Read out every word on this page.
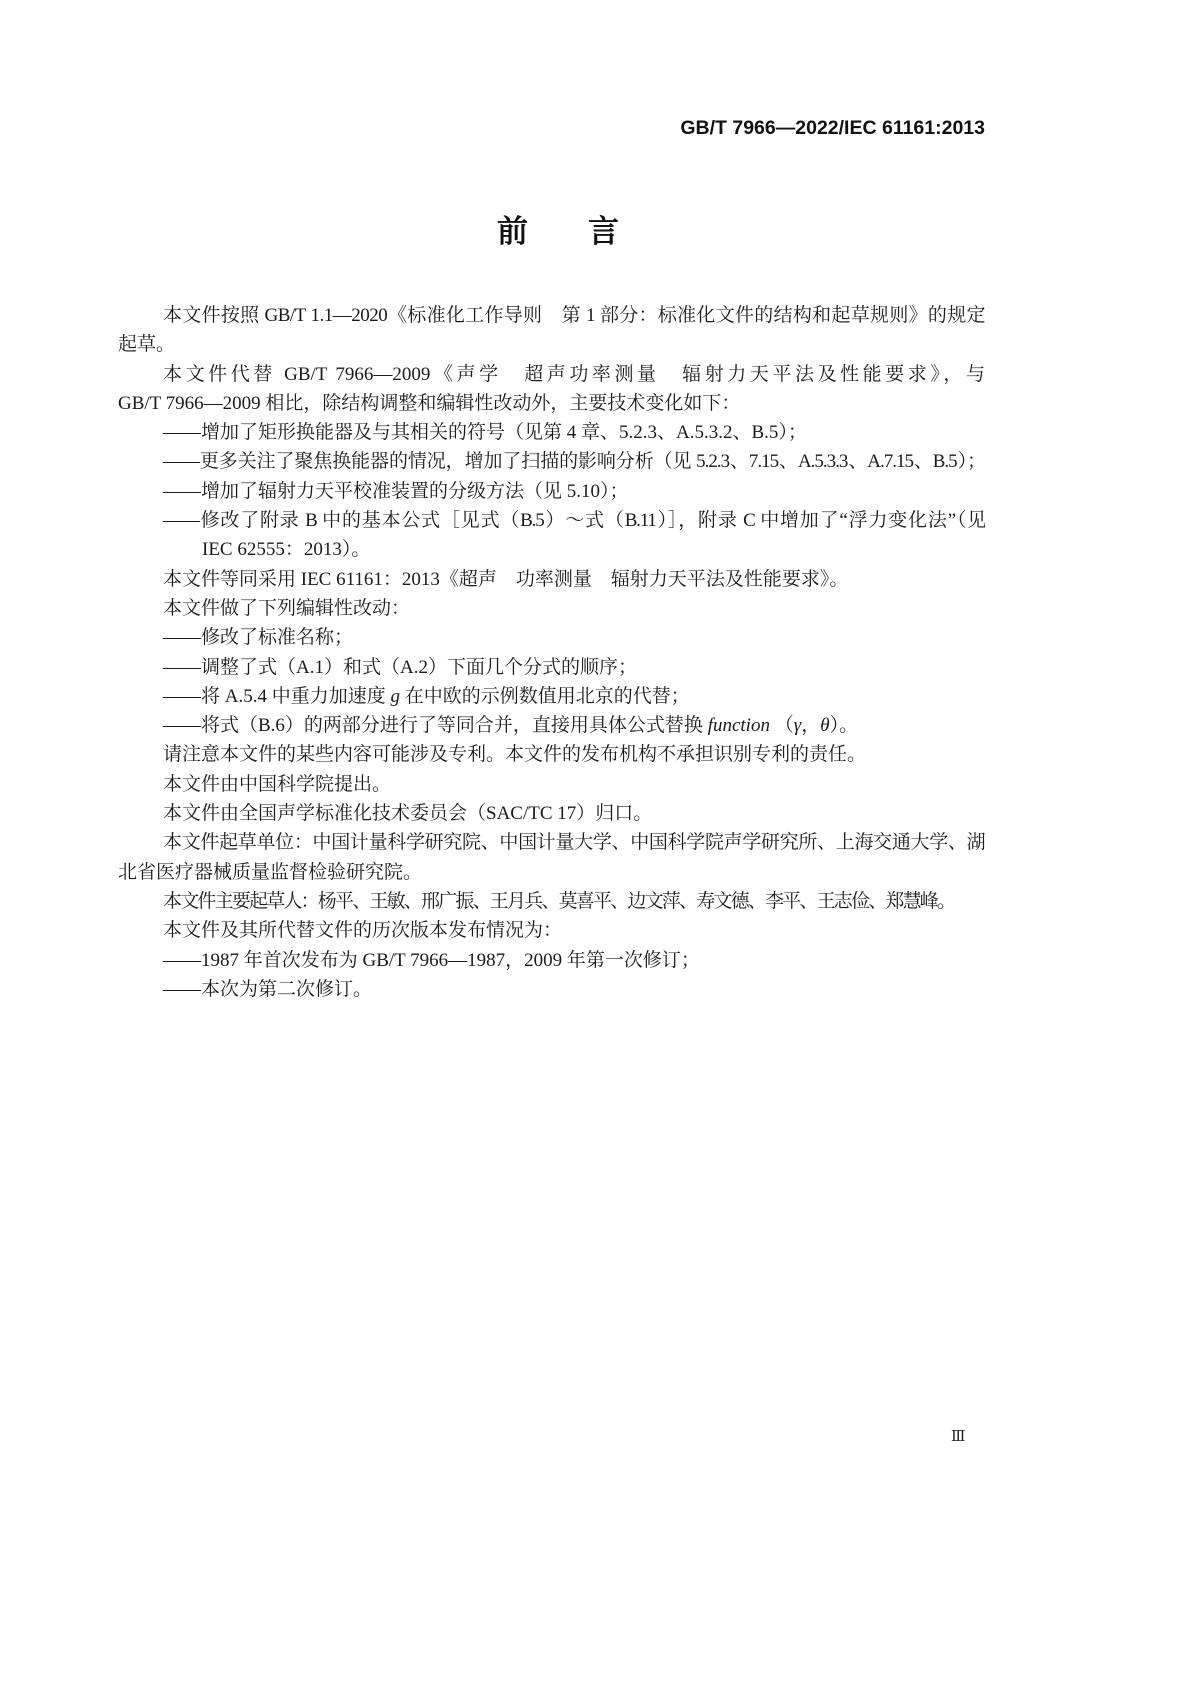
GB/T 7966—2022/IEC 61161:2013
前　言
本文件按照 GB/T 1.1—2020《标准化工作导则　第 1 部分：标准化文件的结构和起草规则》的规定
起草。
本文件代替 GB/T 7966—2009《声学　超声功率测量　辐射力天平法及性能要求》，与
GB/T 7966—2009 相比，除结构调整和编辑性改动外，主要技术变化如下：
——增加了矩形换能器及与其相关的符号（见第 4 章、5.2.3、A.5.3.2、B.5）；
——更多关注了聚焦换能器的情况，增加了扫描的影响分析（见 5.2.3、7.15、A.5.3.3、A.7.15、B.5）；
——增加了辐射力天平校准装置的分级方法（见 5.10）；
——修改了附录 B 中的基本公式［见式（B.5）～式（B.11）］，附录 C 中增加了“浮力变化法”（见
IEC 62555：2013）。
本文件等同采用 IEC 61161：2013《超声　功率测量　辐射力天平法及性能要求》。
本文件做了下列编辑性改动：
——修改了标准名称；
——调整了式（A.1）和式（A.2）下面几个分式的顺序；
——将 A.5.4 中重力加速度 g 在中欧的示例数值用北京的代替；
——将式（B.6）的两部分进行了等同合并，直接用具体公式替换 function （γ，θ）。
请注意本文件的某些内容可能涉及专利。本文件的发布机构不承担识别专利的责任。
本文件由中国科学院提出。
本文件由全国声学标准化技术委员会（SAC/TC 17）归口。
本文件起草单位：中国计量科学研究院、中国计量大学、中国科学院声学研究所、上海交通大学、湖
北省医疗器械质量监督检验研究院。
本文件主要起草人：杨平、王敏、邢广振、王月兵、莫喜平、边文萍、寿文德、李平、王志俭、郑慧峰。
本文件及其所代替文件的历次版本发布情况为：
——1987 年首次发布为 GB/T 7966—1987，2009 年第一次修订；
——本次为第二次修订。
Ⅲ
